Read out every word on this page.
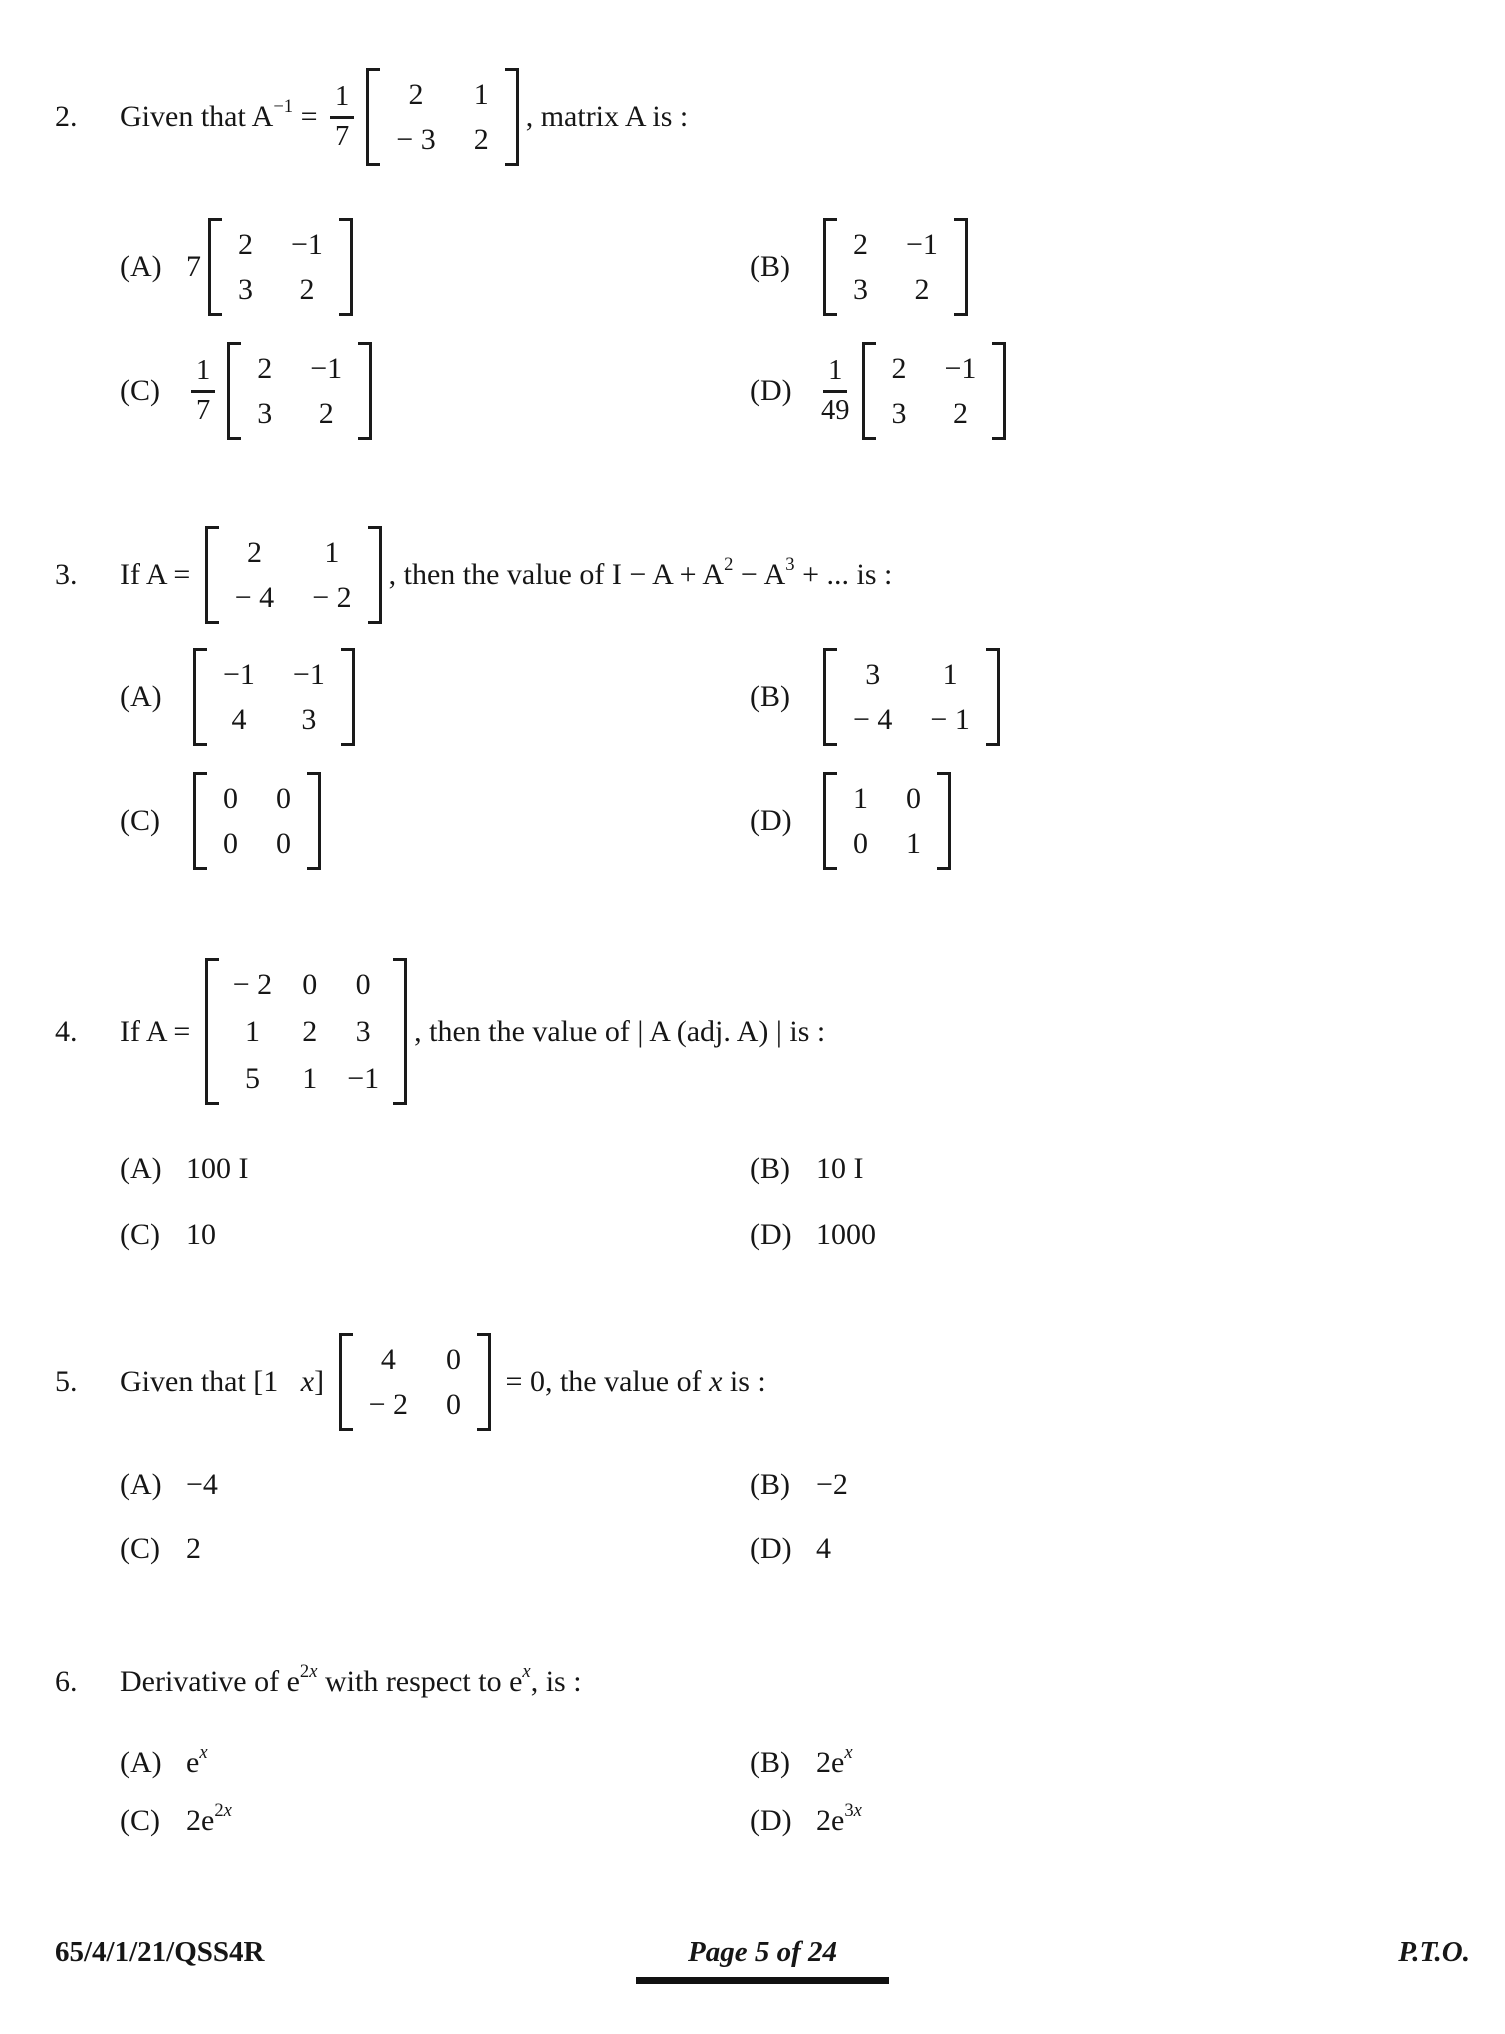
2.	Given that $A -1 = \frac{1}{7} 2$ 1
− 3 2
, matrix A is :
(A) 7
2 −1
3 2
(B)
2 −1
3 2
(C)	$\frac{1}{7} 2 -1$
3 2
(D)	$\frac{1}{49} 2 -1$
3 2
3.	If A =
2 1
− 4 − 2
, then the value of I − A + A 2 − A 3 + ... is :
(A)
−1 −1
4 3
(B)
3 1
− 4 − 1
(C)
0 0
0 0
(D)
1 0
0 1
4.	If A =
− 2 0 0
1 2 3
5 1 −1
, then the value of | A (adj. A) | is :
(A) 100 I	(B) 10 I
(C) 10	(D) 1000
5.	Given that [1 x ]
4 0
− 2 0
= 0, the value of x is :
(A) −4	(B) −2
(C) 2	(D) 4
6.	Derivative of e 2x with respect to e x , is :
(A) e x	(B) 2e x
(C) 2e 2x	(D) 2e 3x
65/4/1/21/QSS4R	Page 5 of 24	P.T.O.
